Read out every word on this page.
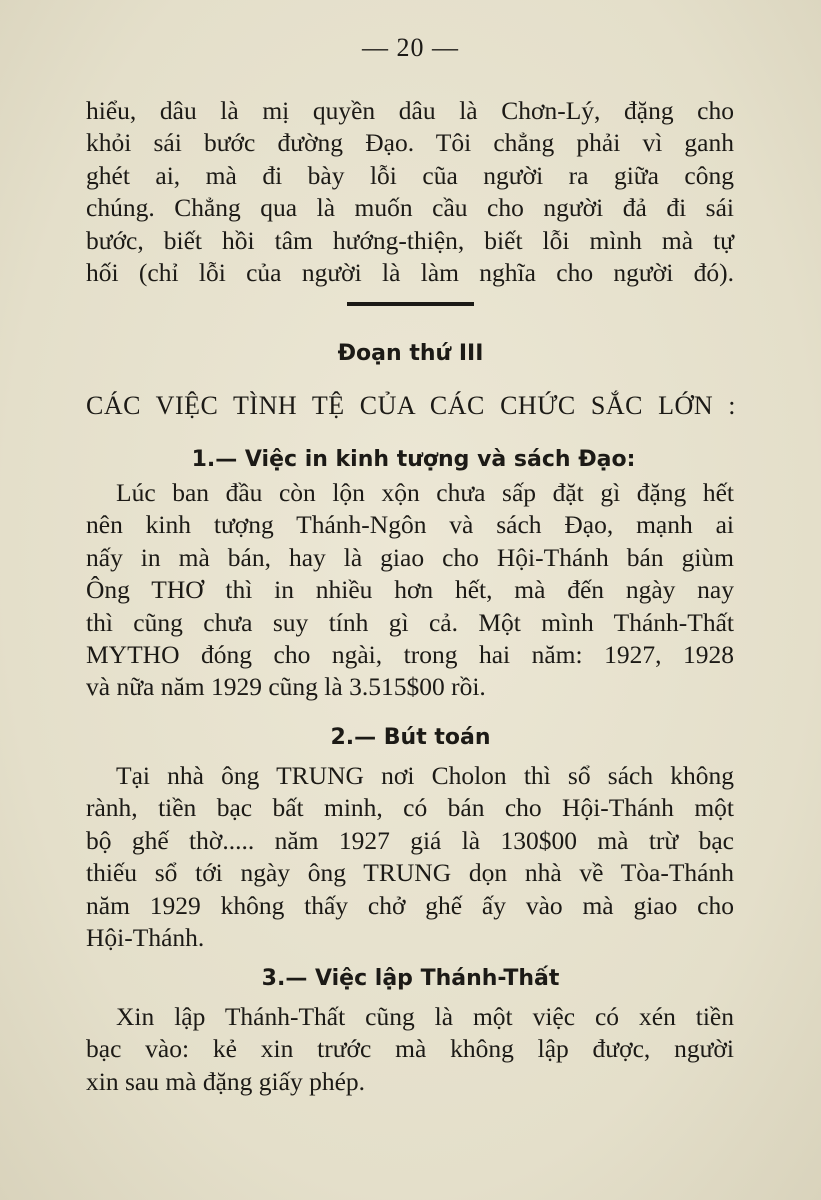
— 20 —
hiểu, dâu là mị quyền dâu là Chơn-Lý, đặng cho
khỏi sái bước đường Đạo. Tôi chẳng phải vì ganh
ghét ai, mà đi bày lỗi cũa người ra giữa công
chúng. Chẳng qua là muốn cầu cho người đả đi sái
bước, biết hồi tâm hướng-thiện, biết lỗi mình mà tự
hối (chỉ lỗi của người là làm nghĩa cho người đó).
Đoạn thứ III
CÁC VIỆC TÌNH TỆ CỦA CÁC CHỨC SẮC LỚN :
1.— Việc in kinh tượng và sách Đạo:
Lúc ban đầu còn lộn xộn chưa sấp đặt gì đặng hết
nên kinh tượng Thánh-Ngôn và sách Đạo, mạnh ai
nấy in mà bán, hay là giao cho Hội-Thánh bán giùm
Ông THƠ thì in nhiều hơn hết, mà đến ngày nay
thì cũng chưa suy tính gì cả. Một mình Thánh-Thất
MYTHO đóng cho ngài, trong hai năm: 1927, 1928
và nữa năm 1929 cũng là 3.515$00 rồi.
2.— Bút toán
Tại nhà ông TRUNG nơi Cholon thì sổ sách không
rành, tiền bạc bất minh, có bán cho Hội-Thánh một
bộ ghế thờ..... năm 1927 giá là 130$00 mà trừ bạc
thiếu sổ tới ngày ông TRUNG dọn nhà về Tòa-Thánh
năm 1929 không thấy chở ghế ấy vào mà giao cho
Hội-Thánh.
3.— Việc lập Thánh-Thất
Xin lập Thánh-Thất cũng là một việc có xén tiền
bạc vào: kẻ xin trước mà không lập được, người
xin sau mà đặng giấy phép.
